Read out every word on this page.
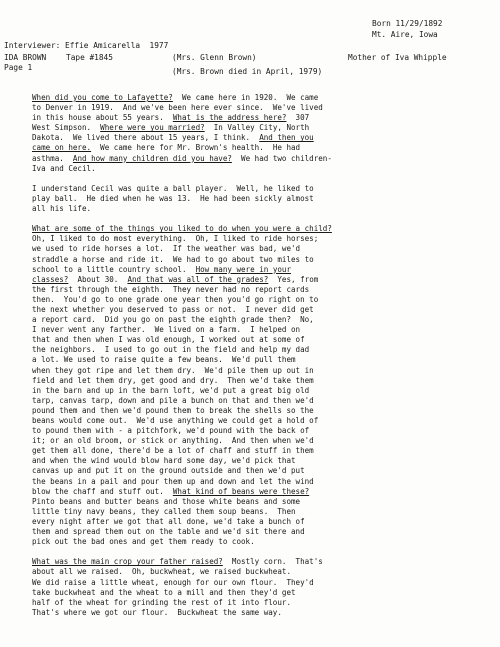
Born 11/29/1892
Mt. Aire, Iowa
Interviewer: Effie Amicarella  1977
IDA BROWN	Tape #1845	(Mrs. Glenn Brown)	Mother of Iva Whipple
Page 1	(Mrs. Brown died in April, 1979)
When did you come to Lafayette?  We came here in 1920.  We came
to Denver in 1919.  And we've been here ever since.  We've lived
in this house about 55 years.  What is the address here?  307
West Simpson.  Where were you married?  In Valley City, North
Dakota.  We lived there about 15 years, I think.  And then you
came on here.  We came here for Mr. Brown's health.  He had
asthma.  And how many children did you have?  We had two children-
Iva and Cecil.
I understand Cecil was quite a ball player.  Well, he liked to
play ball.  He died when he was 13.  He had been sickly almost
all his life.
What are some of the things you liked to do when you were a child?
Oh, I liked to do most everything.  Oh, I liked to ride horses;
we used to ride horses a lot.  If the weather was bad, we'd
straddle a horse and ride it.  We had to go about two miles to
school to a little country school.  How many were in your
classes?  About 30.  And that was all of the grades?  Yes, from
the first through the eighth.  They never had no report cards
then.  You'd go to one grade one year then you'd go right on to
the next whether you deserved to pass or not.  I never did get
a report card.  Did you go on past the eighth grade then?  No,
I never went any farther.  We lived on a farm.  I helped on
that and then when I was old enough, I worked out at some of
the neighbors.  I used to go out in the field and help my dad
a lot. We used to raise quite a few beans.  We'd pull them
when they got ripe and let them dry.  We'd pile them up out in
field and let them dry, get good and dry.  Then we'd take them
in the barn and up in the barn loft, we'd put a great big old
tarp, canvas tarp, down and pile a bunch on that and then we'd
pound them and then we'd pound them to break the shells so the
beans would come out.  We'd use anything we could get a hold of
to pound them with - a pitchfork, we'd pound with the back of
it; or an old broom, or stick or anything.  And then when we'd
get them all done, there'd be a lot of chaff and stuff in them
and when the wind would blow hard some day, we'd pick that
canvas up and put it on the ground outside and then we'd put
the beans in a pail and pour them up and down and let the wind
blow the chaff and stuff out.  What kind of beans were these?
Pinto beans and butter beans and those white beans and some
little tiny navy beans, they called them soup beans.  Then
every night after we got that all done, we'd take a bunch of
them and spread them out on the table and we'd sit there and
pick out the bad ones and get them ready to cook.
What was the main crop your father raised?  Mostly corn.  That's
about all we raised.  Oh, buckwheat, we raised buckwheat.
We did raise a little wheat, enough for our own flour.  They'd
take buckwheat and the wheat to a mill and then they'd get
half of the wheat for grinding the rest of it into flour.
That's where we got our flour.  Buckwheat the same way.
